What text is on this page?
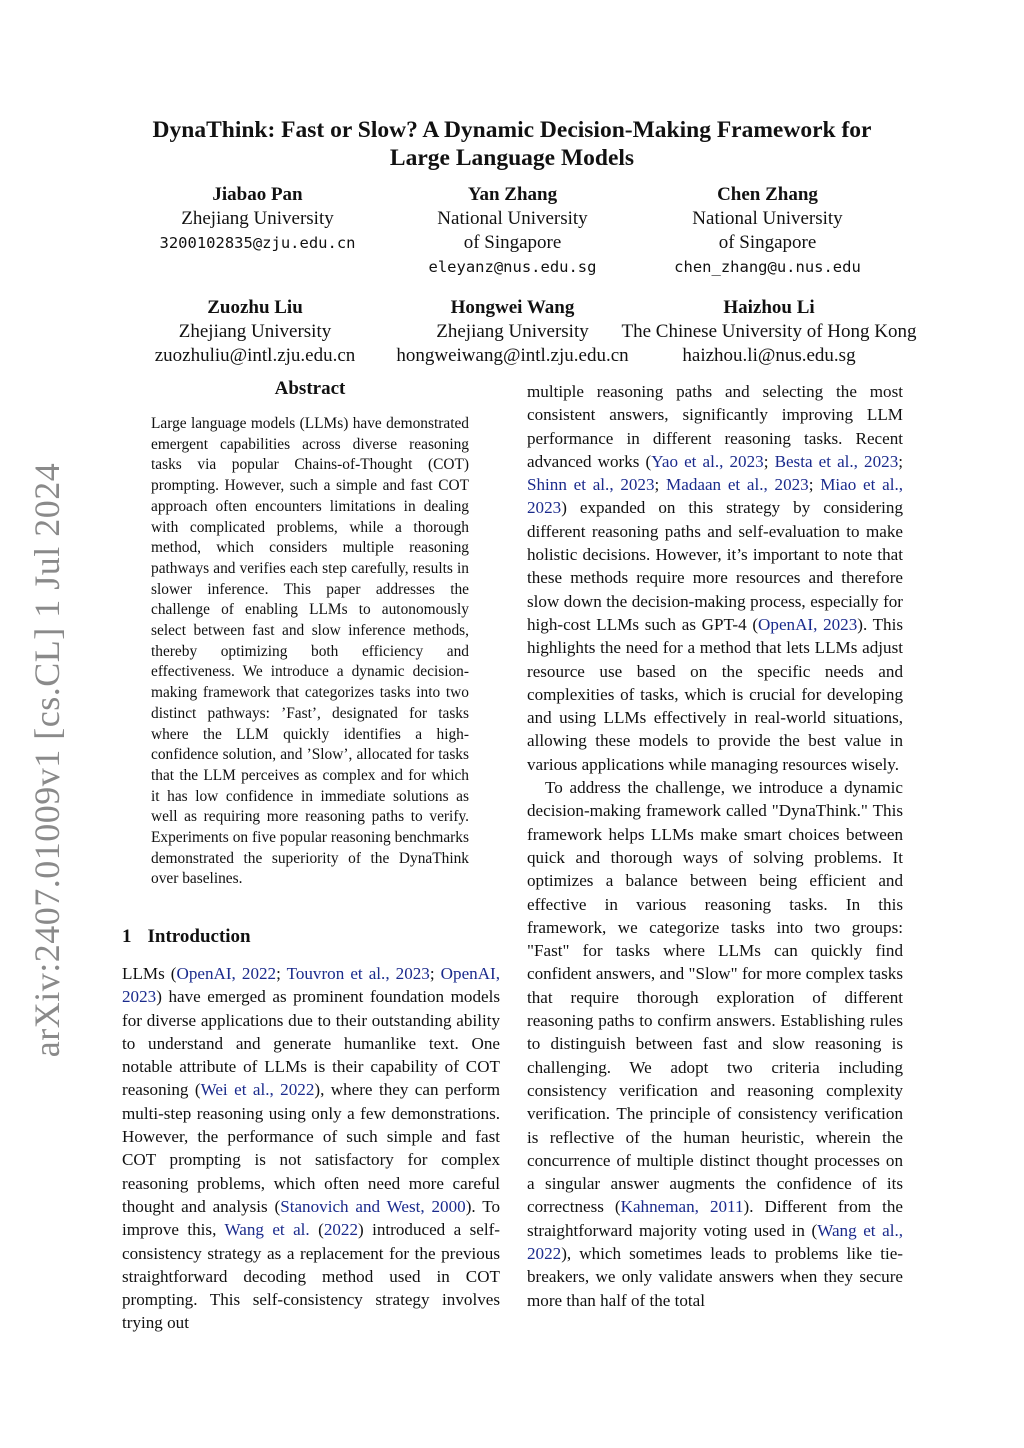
arXiv:2407.01009v1 [cs.CL] 1 Jul 2024
DynaThink: Fast or Slow? A Dynamic Decision-Making Framework for
Large Language Models
Jiabao Pan
Zhejiang University
3200102835@zju.edu.cn
Yan Zhang
National University
of Singapore
eleyanz@nus.edu.sg
Chen Zhang
National University
of Singapore
chen_zhang@u.nus.edu
Zuozhu Liu
Zhejiang University
zuozhuliu@intl.zju.edu.cn
Hongwei Wang
Zhejiang University
hongweiwang@intl.zju.edu.cn
Haizhou Li
The Chinese University of Hong Kong
haizhou.li@nus.edu.sg
Abstract

Large language models (LLMs) have demonstrated emergent capabilities across diverse reasoning tasks via popular Chains-of-Thought (COT) prompting. However, such a simple and fast COT approach often encounters limitations in dealing with complicated problems, while a thorough method, which considers multiple reasoning pathways and verifies each step carefully, results in slower inference. This paper addresses the challenge of enabling LLMs to autonomously select between fast and slow inference methods, thereby optimizing both efficiency and effectiveness. We introduce a dynamic decision-making framework that categorizes tasks into two distinct pathways: ’Fast’, designated for tasks where the LLM quickly identifies a high-confidence solution, and ’Slow’, allocated for tasks that the LLM perceives as complex and for which it has low confidence in immediate solutions as well as requiring more reasoning paths to verify. Experiments on five popular reasoning benchmarks demonstrated the superiority of the DynaThink over baselines.

1 Introduction

LLMs (OpenAI, 2022; Touvron et al., 2023; OpenAI, 2023) have emerged as prominent foundation models for diverse applications due to their outstanding ability to understand and generate humanlike text. One notable attribute of LLMs is their capability of COT reasoning (Wei et al., 2022), where they can perform multi-step reasoning using only a few demonstrations. However, the performance of such simple and fast COT prompting is not satisfactory for complex reasoning problems, which often need more careful thought and analysis (Stanovich and West, 2000). To improve this, Wang et al. (2022) introduced a self-consistency strategy as a replacement for the previous straightforward decoding method used in COT prompting. This self-consistency strategy involves trying out

multiple reasoning paths and selecting the most consistent answers, significantly improving LLM performance in different reasoning tasks. Recent advanced works (Yao et al., 2023; Besta et al., 2023; Shinn et al., 2023; Madaan et al., 2023; Miao et al., 2023) expanded on this strategy by considering different reasoning paths and self-evaluation to make holistic decisions. However, it’s important to note that these methods require more resources and therefore slow down the decision-making process, especially for high-cost LLMs such as GPT-4 (OpenAI, 2023). This highlights the need for a method that lets LLMs adjust resource use based on the specific needs and complexities of tasks, which is crucial for developing and using LLMs effectively in real-world situations, allowing these models to provide the best value in various applications while managing resources wisely.

To address the challenge, we introduce a dynamic decision-making framework called "DynaThink." This framework helps LLMs make smart choices between quick and thorough ways of solving problems. It optimizes a balance between being efficient and effective in various reasoning tasks. In this framework, we categorize tasks into two groups: "Fast" for tasks where LLMs can quickly find confident answers, and "Slow" for more complex tasks that require thorough exploration of different reasoning paths to confirm answers. Establishing rules to distinguish between fast and slow reasoning is challenging. We adopt two criteria including consistency verification and reasoning complexity verification. The principle of consistency verification is reflective of the human heuristic, wherein the concurrence of multiple distinct thought processes on a singular answer augments the confidence of its correctness (Kahneman, 2011). Different from the straightforward majority voting used in (Wang et al., 2022), which sometimes leads to problems like tie-breakers, we only validate answers when they secure more than half of the total
